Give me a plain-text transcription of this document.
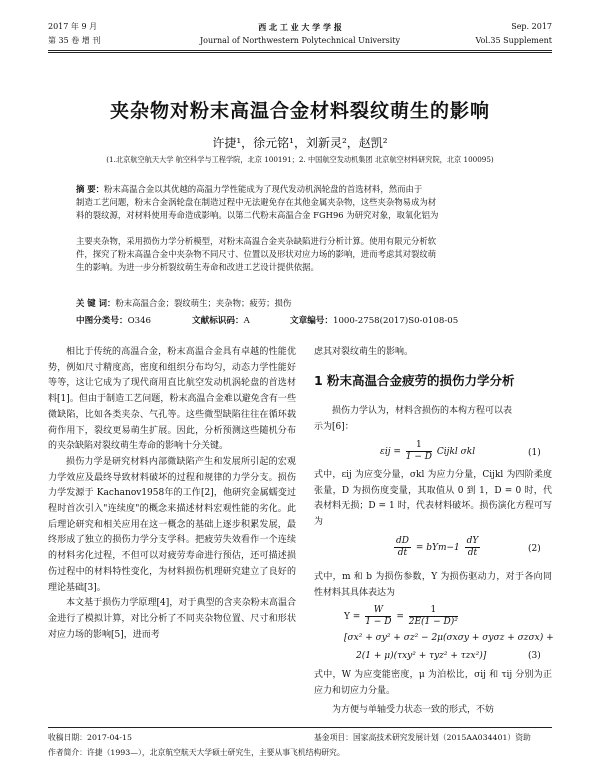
2017 年 9 月
第 35 卷 增 刊
西 北 工 业 大 学 学 报
Journal of Northwestern Polytechnical University
Sep. 2017
Vol.35 Supplement
夹杂物对粉末高温合金材料裂纹萌生的影响
许捷¹，徐元铭¹，刘新灵²，赵凯²
(1.北京航空航天大学 航空科学与工程学院，北京 100191；2. 中国航空发动机集团 北京航空材料研究院，北京 100095)
摘 要：粉末高温合金以其优越的高温力学性能成为了现代发动机涡轮盘的首选材料，然而由于
制造工艺问题，粉末合金涡轮盘在制造过程中无法避免存在其他金属夹杂物，这些夹杂物易成为材
料的裂纹源，对材料使用寿命造成影响。以第二代粉末高温合金 FGH96 为研究对象，取氧化铝为
主要夹杂物，采用损伤力学分析模型，对粉末高温合金夹杂缺陷进行分析计算。使用有限元分析软
件，探究了粉末高温合金中夹杂物不同尺寸、位置以及形状对应力场的影响，进而考虑其对裂纹萌
生的影响。为进一步分析裂纹萌生寿命和改进工艺设计提供依据。
关 键 词：粉末高温合金；裂纹萌生；夹杂物；疲劳；损伤
中图分类号：O346	文献标识码：A	文章编号：1000-2758(2017)S0-0108-05

相比于传统的高温合金，粉末高温合金具有卓越的性能优势，例如尺寸精度高，密度和组织分布均匀，动态力学性能好等等，这让它成为了现代商用直比航空发动机涡轮盘的首选材料[1]。但由于制造工艺问题，粉末高温合金难以避免含有一些微缺陷，比如各类夹杂、气孔等。这些微型缺陷往往在循环载荷作用下，裂纹更易萌生扩展。因此，分析预测这些随机分布的夹杂缺陷对裂纹萌生寿命的影响十分关键。

损伤力学是研究材料内部微缺陷产生和发展所引起的宏观力学效应及最终导致材料破坏的过程和规律的力学分支。损伤力学发源于 Kachanov1958年的工作[2]，他研究金属蠕变过程时首次引入"连续度"的概念来描述材料宏观性能的劣化。此后理论研究和相关应用在这一概念的基础上逐步积累发展，最终形成了独立的损伤力学分支学科。把疲劳失效看作一个连续的材料劣化过程，不但可以对疲劳寿命进行预估，还可描述损伤过程中的材料特性变化，为材料损伤机理研究建立了良好的理论基础[3]。

本文基于损伤力学原理[4]，对于典型的含夹杂粉末高温合金进行了模拟计算，对比分析了不同夹杂物位置、尺寸和形状对应力场的影响[5]，进而考

虑其对裂纹萌生的影响。
1 粉末高温合金疲劳的损伤力学分析

损伤力学认为，材料含损伤的本构方程可以表

示为[6]：
$\varepsilon ij = \frac{1}{1 - D}$ Cijkl σkl	(1)
式中，εij 为应变分量，σkl 为应力分量，Cijkl 为四阶柔度张量，D 为损伤度变量，其取值从 0 到 1，D = 0 时，代表材料无损；D = 1 时，代表材料破坏。损伤演化方程可写为
$\frac{dD}{dt} = bYm-1 \frac{dY}{dt}$	(2)
式中，m 和 b 为损伤参数，Y 为损伤驱动力，对于各向同性材料其具体表达为
$Y = \frac{W}{1 - D} = \frac{1}{\text{2E(1 − D)²}}$
[σx² + σy² + σz² − 2μ(σxσy + σyσz + σzσx) +
2(1 + μ)(τxy² + τyz² + τzx²)]	(3)
式中，W 为应变能密度，μ 为泊松比，σij 和 τij 分别为正应力和切应力分量。

为方便与单轴受力状态一致的形式，不妨

收稿日期：2017-04-15	基金项目：国家高技术研究发展计划（2015AA034401）资助
作者简介：许捷（1993—），北京航空航天大学硕士研究生，主要从事飞机结构研究。
